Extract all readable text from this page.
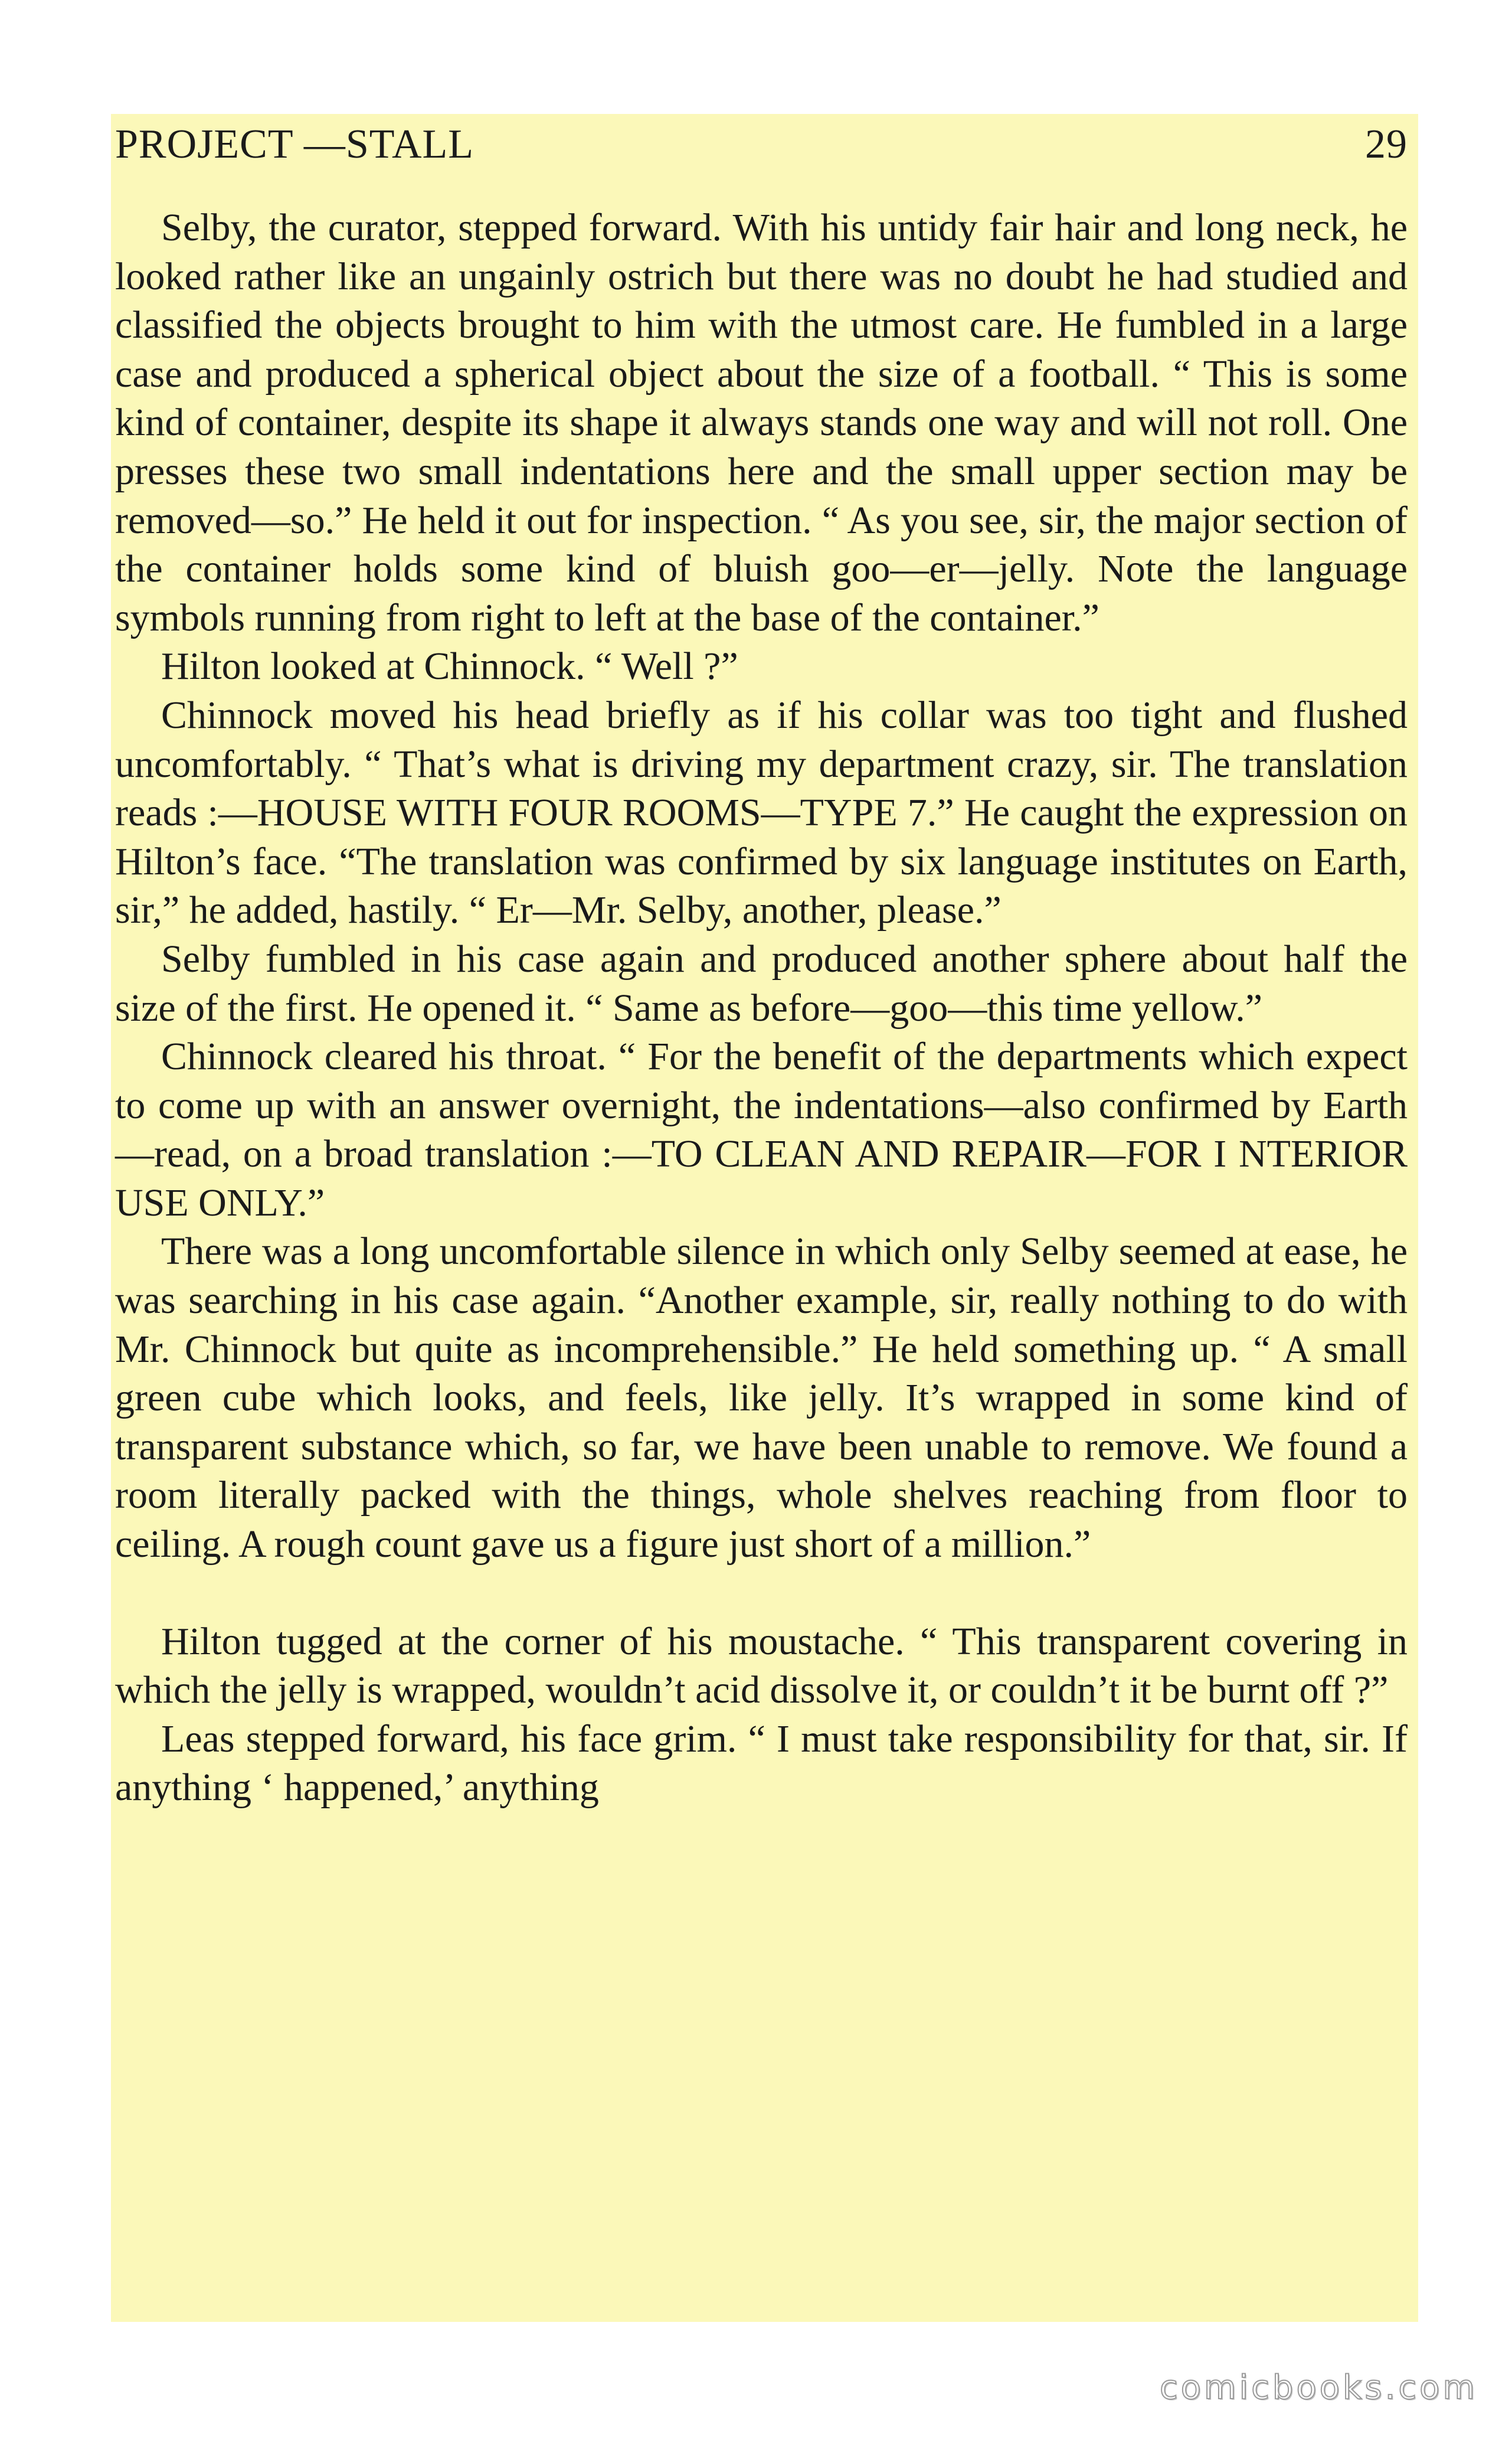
PROJECT —STALL	29

Selby, the curator, stepped forward. With his untidy fair hair and long neck, he looked rather like an ungainly ostrich but there was no doubt he had studied and classified the objects brought to him with the utmost care. He fumbled in a large case and produced a spherical object about the size of a football. “ This is some kind of container, despite its shape it always stands one way and will not roll. One presses these two small indentations here and the small upper section may be removed—so.” He held it out for inspection. “ As you see, sir, the major section of the container holds some kind of bluish goo—er—jelly. Note the language symbols running from right to left at the base of the container.”

Hilton looked at Chinnock. “ Well ?”

Chinnock moved his head briefly as if his collar was too tight and flushed uncomfortably. “ That’s what is driving my department crazy, sir. The translation reads :—HOUSE WITH FOUR ROOMS—TYPE 7.” He caught the expression on Hilton’s face. “The translation was confirmed by six language institutes on Earth, sir,” he added, hastily. “ Er—Mr. Selby, another, please.”

Selby fumbled in his case again and produced another sphere about half the size of the first. He opened it. “ Same as before—goo—this time yellow.”

Chinnock cleared his throat. “ For the benefit of the departments which expect to come up with an answer overnight, the indentations—also confirmed by Earth—read, on a broad translation :—TO CLEAN AND REPAIR—FOR I NTERIOR USE ONLY.”

There was a long uncomfortable silence in which only Selby seemed at ease, he was searching in his case again. “Another example, sir, really nothing to do with Mr. Chinnock but quite as incomprehensible.” He held something up. “ A small green cube which looks, and feels, like jelly. It’s wrapped in some kind of transparent substance which, so far, we have been unable to remove. We found a room literally packed with the things, whole shelves reaching from floor to ceiling. A rough count gave us a figure just short of a million.”

Hilton tugged at the corner of his moustache. “ This transparent covering in which the jelly is wrapped, wouldn’t acid dissolve it, or couldn’t it be burnt off ?”

Leas stepped forward, his face grim. “ I must take responsibility for that, sir. If anything ‘ happened,’ anything

comicbooks.com
